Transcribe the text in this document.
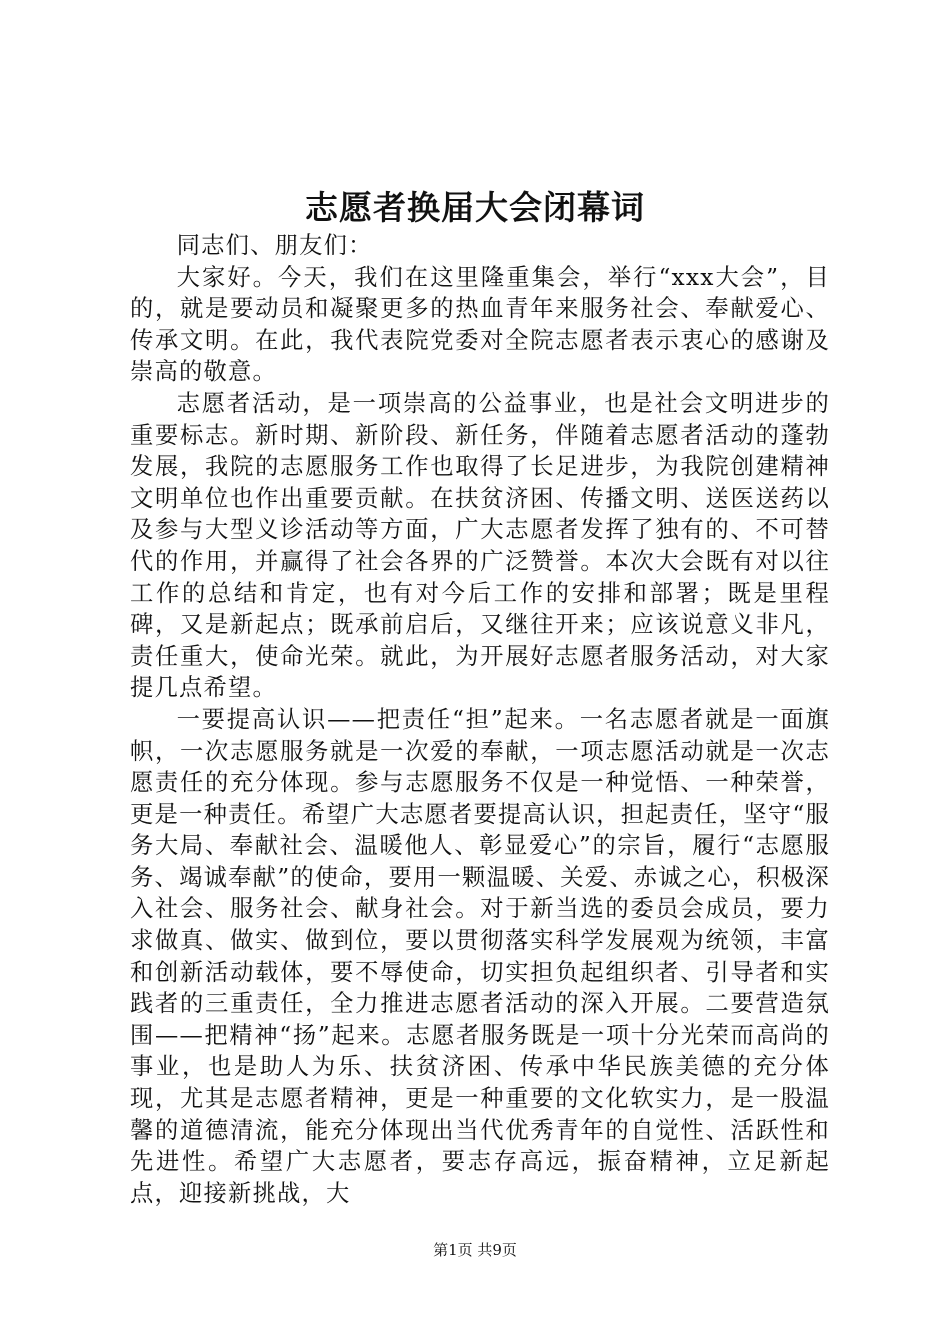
志愿者换届大会闭幕词

同志们、朋友们：

大家好。今天，我们在这里隆重集会，举行“xxx大会”，目的，就是要动员和凝聚更多的热血青年来服务社会、奉献爱心、传承文明。在此，我代表院党委对全院志愿者表示衷心的感谢及崇高的敬意。

志愿者活动，是一项崇高的公益事业，也是社会文明进步的重要标志。新时期、新阶段、新任务，伴随着志愿者活动的蓬勃发展，我院的志愿服务工作也取得了长足进步，为我院创建精神文明单位也作出重要贡献。在扶贫济困、传播文明、送医送药以及参与大型义诊活动等方面，广大志愿者发挥了独有的、不可替代的作用，并赢得了社会各界的广泛赞誉。本次大会既有对以往工作的总结和肯定，也有对今后工作的安排和部署；既是里程碑，又是新起点；既承前启后，又继往开来；应该说意义非凡，责任重大，使命光荣。就此，为开展好志愿者服务活动，对大家提几点希望。

一要提高认识——把责任“担”起来。一名志愿者就是一面旗帜，一次志愿服务就是一次爱的奉献，一项志愿活动就是一次志愿责任的充分体现。参与志愿服务不仅是一种觉悟、一种荣誉，更是一种责任。希望广大志愿者要提高认识，担起责任，坚守“服务大局、奉献社会、温暖他人、彰显爱心”的宗旨，履行“志愿服务、竭诚奉献”的使命，要用一颗温暖、关爱、赤诚之心，积极深入社会、服务社会、献身社会。对于新当选的委员会成员，要力求做真、做实、做到位，要以贯彻落实科学发展观为统领，丰富和创新活动载体，要不辱使命，切实担负起组织者、引导者和实践者的三重责任，全力推进志愿者活动的深入开展。二要营造氛围——把精神“扬”起来。志愿者服务既是一项十分光荣而高尚的事业，也是助人为乐、扶贫济困、传承中华民族美德的充分体现，尤其是志愿者精神，更是一种重要的文化软实力，是一股温馨的道德清流，能充分体现出当代优秀青年的自觉性、活跃性和先进性。希望广大志愿者，要志存高远，振奋精神，立足新起点，迎接新挑战，大

第1页 共9页
